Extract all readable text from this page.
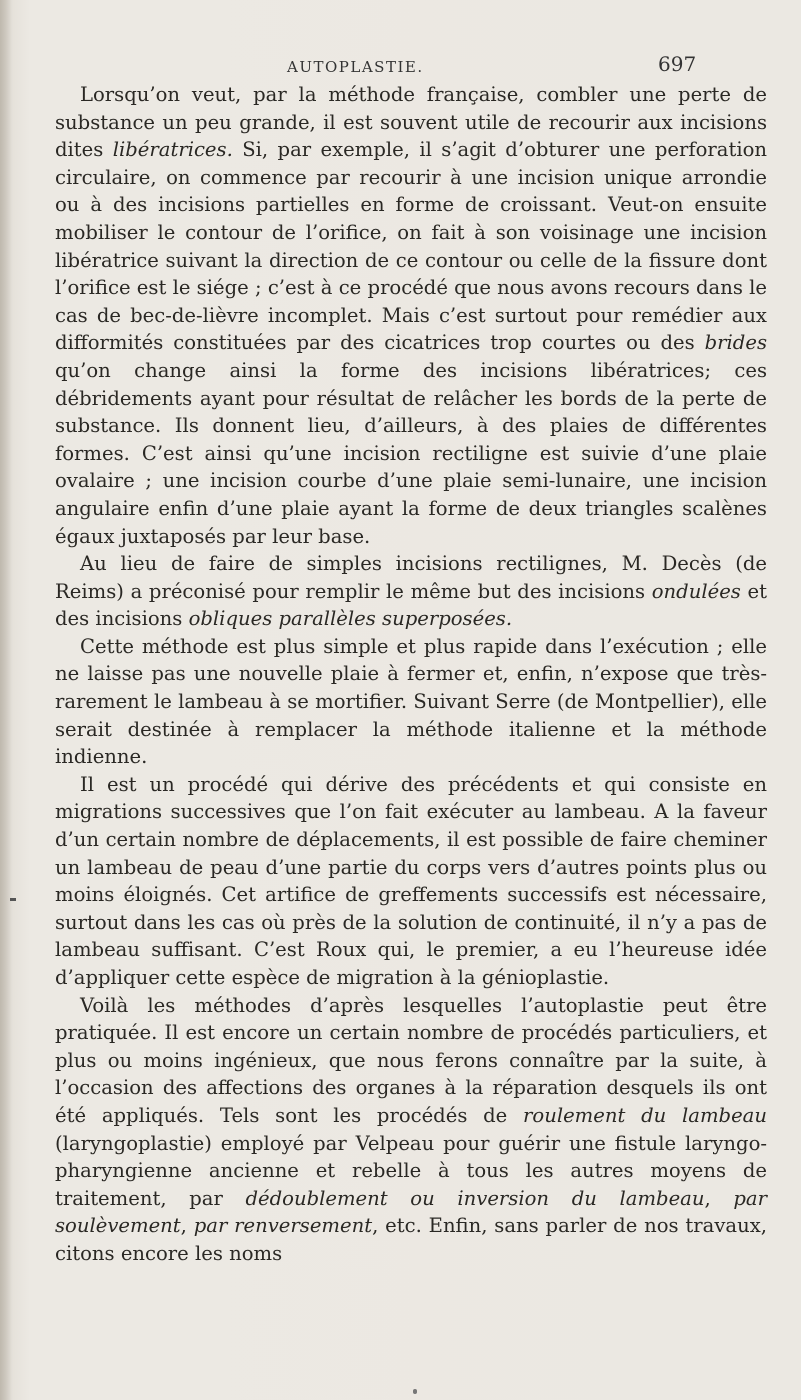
AUTOPLASTIE.	697

Lorsqu’on veut, par la méthode française, combler une perte de substance un peu grande, il est souvent utile de recourir aux incisions dites libératrices. Si, par exemple, il s’agit d’obturer une perforation circulaire, on commence par recourir à une incision unique arrondie ou à des incisions partielles en forme de croissant. Veut-on ensuite mobiliser le contour de l’orifice, on fait à son voisinage une incision libératrice suivant la direction de ce contour ou celle de la fissure dont l’orifice est le siége ; c’est à ce procédé que nous avons recours dans le cas de bec-de-lièvre incomplet. Mais c’est surtout pour remédier aux difformités constituées par des cicatrices trop courtes ou des brides qu’on change ainsi la forme des incisions libératrices; ces débridements ayant pour résultat de relâcher les bords de la perte de substance. Ils donnent lieu, d’ailleurs, à des plaies de différentes formes. C’est ainsi qu’une incision rectiligne est suivie d’une plaie ovalaire ; une incision courbe d’une plaie semi-lunaire, une incision angulaire enfin d’une plaie ayant la forme de deux triangles scalènes égaux juxtaposés par leur base.

Au lieu de faire de simples incisions rectilignes, M. Decès (de Reims) a préconisé pour remplir le même but des incisions ondulées et des incisions obliques parallèles superposées.

Cette méthode est plus simple et plus rapide dans l’exécution ; elle ne laisse pas une nouvelle plaie à fermer et, enfin, n’expose que très-rarement le lambeau à se mortifier. Suivant Serre (de Montpellier), elle serait destinée à remplacer la méthode italienne et la méthode indienne.

Il est un procédé qui dérive des précédents et qui consiste en migrations successives que l’on fait exécuter au lambeau. A la faveur d’un certain nombre de déplacements, il est possible de faire cheminer un lambeau de peau d’une partie du corps vers d’autres points plus ou moins éloignés. Cet artifice de greffements successifs est nécessaire, surtout dans les cas où près de la solution de continuité, il n’y a pas de lambeau suffisant. C’est Roux qui, le premier, a eu l’heureuse idée d’appliquer cette espèce de migration à la génioplastie.

Voilà les méthodes d’après lesquelles l’autoplastie peut être pratiquée. Il est encore un certain nombre de procédés particuliers, et plus ou moins ingénieux, que nous ferons connaître par la suite, à l’occasion des affections des organes à la réparation desquels ils ont été appliqués. Tels sont les procédés de roulement du lambeau (laryngoplastie) employé par Velpeau pour guérir une fistule laryngo-pharyngienne ancienne et rebelle à tous les autres moyens de traitement, par dédoublement ou inversion du lambeau, par soulèvement, par renversement, etc. Enfin, sans parler de nos travaux, citons encore les noms
